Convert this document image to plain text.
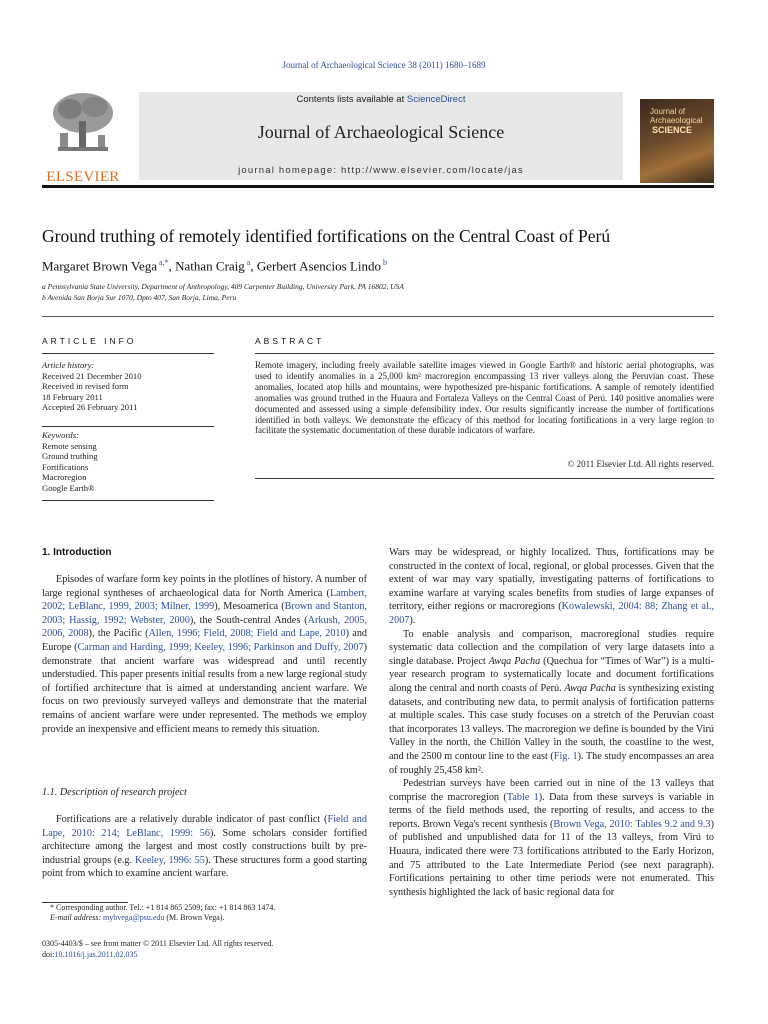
Journal of Archaeological Science 38 (2011) 1680–1689
ELSEVIER
Contents lists available at ScienceDirect
Journal of Archaeological Science
journal homepage: http://www.elsevier.com/locate/jas
Journal of Archaeological
SCIENCE
Ground truthing of remotely identified fortifications on the Central Coast of Perú
Margaret Brown Vega $^{a,*}$, Nathan Craig $^a$, Gerbert Asencios Lindo $^b$
a Pennsylvania State University, Department of Anthropology, 409 Carpenter Building, University Park, PA 16802, USA
b Avenida San Borja Sur 1070, Dpto 407, San Borja, Lima, Peru
ARTICLE INFO	ABSTRACT
Article history:
Received 21 December 2010
Received in revised form
18 February 2011
Accepted 26 February 2011
Keywords:
Remote sensing
Ground truthing
Fortifications
Macroregion
Google Earth®
Remote imagery, including freely available satellite images viewed in Google Earth® and historic aerial photographs, was used to identify anomalies in a 25,000 km² macroregion encompassing 13 river valleys along the Peruvian coast. These anomalies, located atop hills and mountains, were hypothesized pre-hispanic fortifications. A sample of remotely identified anomalies was ground truthed in the Huaura and Fortaleza Valleys on the Central Coast of Perú. 140 positive anomalies were documented and assessed using a simple defensibility index. Our results significantly increase the number of fortifications identified in both valleys. We demonstrate the efficacy of this method for locating fortifications in a very large region to facilitate the systematic documentation of these durable indicators of warfare.
© 2011 Elsevier Ltd. All rights reserved.
1. Introduction

Episodes of warfare form key points in the plotlines of history. A number of large regional syntheses of archaeological data for North America (Lambert, 2002; LeBlanc, 1999, 2003; Milner, 1999), Mesoamerica (Brown and Stanton, 2003; Hassig, 1992; Webster, 2000), the South-central Andes (Arkush, 2005, 2006, 2008), the Pacific (Allen, 1996; Field, 2008; Field and Lape, 2010) and Europe (Carman and Harding, 1999; Keeley, 1996; Parkinson and Duffy, 2007) demonstrate that ancient warfare was widespread and until recently understudied. This paper presents initial results from a new large regional study of fortified architecture that is aimed at understanding ancient warfare. We focus on two previously surveyed valleys and demonstrate that the material remains of ancient warfare were under represented. The methods we employ provide an inexpensive and efficient means to remedy this situation.

1.1. Description of research project

Fortifications are a relatively durable indicator of past conflict (Field and Lape, 2010: 214; LeBlanc, 1999: 56). Some scholars consider fortified architecture among the largest and most costly constructions built by pre-industrial groups (e.g. Keeley, 1996: 55). These structures form a good starting point from which to examine ancient warfare.

Wars may be widespread, or highly localized. Thus, fortifications may be constructed in the context of local, regional, or global processes. Given that the extent of war may vary spatially, investigating patterns of fortifications to examine warfare at varying scales benefits from studies of large expanses of territory, either regions or macroregions (Kowalewski, 2004: 88; Zhang et al., 2007).

To enable analysis and comparison, macroregional studies require systematic data collection and the compilation of very large datasets into a single database. Project Awqa Pacha (Quechua for “Times of War”) is a multi-year research program to systematically locate and document fortifications along the central and north coasts of Perú. Awqa Pacha is synthesizing existing datasets, and contributing new data, to permit analysis of fortification patterns at multiple scales. This case study focuses on a stretch of the Peruvian coast that incorporates 13 valleys. The macroregion we define is bounded by the Virú Valley in the north, the Chillón Valley in the south, the coastline to the west, and the 2500 m contour line to the east (Fig. 1). The study encompasses an area of roughly 25,458 km².

Pedestrian surveys have been carried out in nine of the 13 valleys that comprise the macroregion (Table 1). Data from these surveys is variable in terms of the field methods used, the reporting of results, and access to the reports. Brown Vega's recent synthesis (Brown Vega, 2010: Tables 9.2 and 9.3) of published and unpublished data for 11 of the 13 valleys, from Virú to Huaura, indicated there were 73 fortifications attributed to the Early Horizon, and 75 attributed to the Late Intermediate Period (see next paragraph). Fortifications pertaining to other time periods were not enumerated. This synthesis highlighted the lack of basic regional data for

* Corresponding author. Tel.: +1 814 865 2509; fax: +1 814 863 1474.
E-mail address: mybvega@psu.edu (M. Brown Vega).
0305-4403/$ – see front matter © 2011 Elsevier Ltd. All rights reserved.
doi:10.1016/j.jas.2011.02.035
